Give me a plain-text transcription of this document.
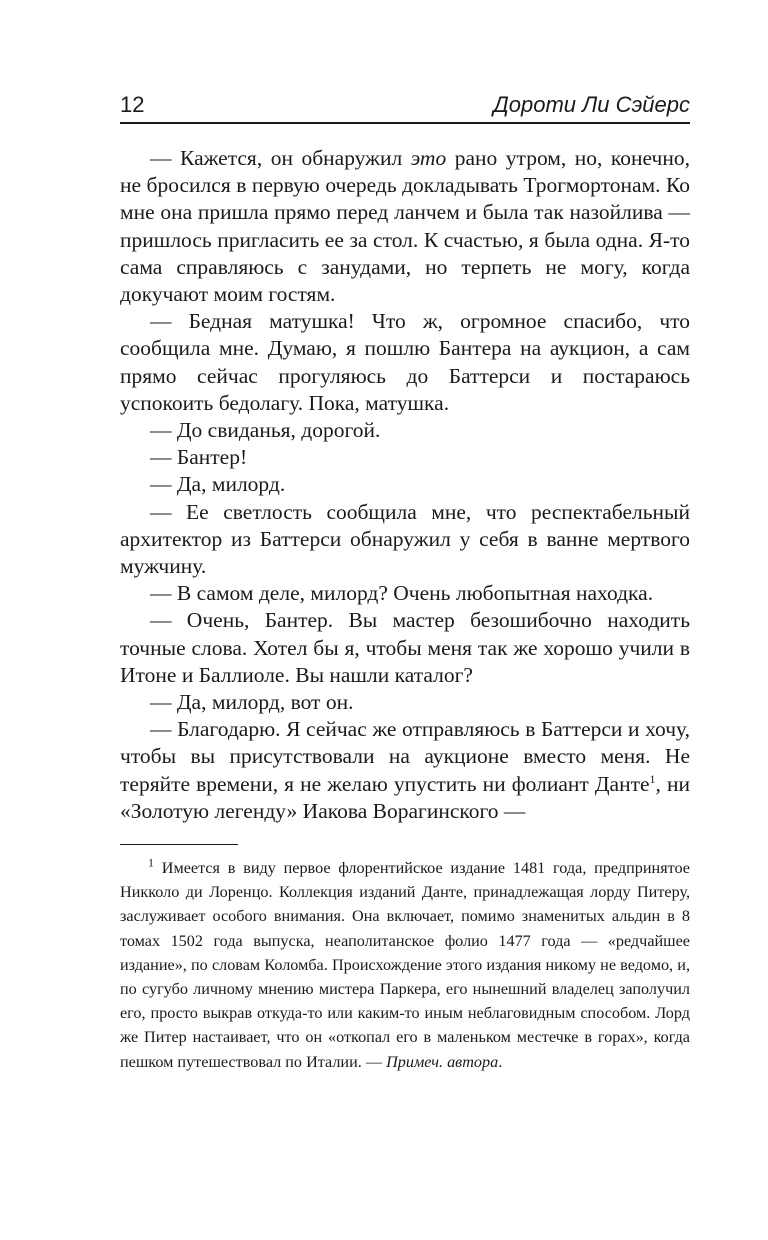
12	Дороти Ли Сэйерс

— Кажется, он обнаружил это рано утром, но, конечно, не бросился в первую очередь докладывать Трогмортонам. Ко мне она пришла прямо перед ланчем и была так назойлива — пришлось пригласить ее за стол. К счастью, я была одна. Я-то сама справляюсь с занудами, но терпеть не могу, когда докучают моим гостям.

— Бедная матушка! Что ж, огромное спасибо, что сообщила мне. Думаю, я пошлю Бантера на аукцион, а сам прямо сейчас прогуляюсь до Баттерси и постараюсь успокоить бедолагу. Пока, матушка.

— До свиданья, дорогой.

— Бантер!

— Да, милорд.

— Ее светлость сообщила мне, что респектабельный архитектор из Баттерси обнаружил у себя в ванне мертвого мужчину.

— В самом деле, милорд? Очень любопытная находка.

— Очень, Бантер. Вы мастер безошибочно находить точные слова. Хотел бы я, чтобы меня так же хорошо учили в Итоне и Баллиоле. Вы нашли каталог?

— Да, милорд, вот он.

— Благодарю. Я сейчас же отправляюсь в Баттерси и хочу, чтобы вы присутствовали на аукционе вместо меня. Не теряйте времени, я не желаю упустить ни фолиант Данте$^1$, ни «Золотую легенду» Иакова Ворагинского —

$^1$ Имеется в виду первое флорентийское издание 1481 года, предпринятое Никколо ди Лоренцо. Коллекция изданий Данте, принадлежащая лорду Питеру, заслуживает особого внимания. Она включает, помимо знаменитых альдин в 8 томах 1502 года выпуска, неаполитанское фолио 1477 года — «редчайшее издание», по словам Коломба. Происхождение этого издания никому не ведомо, и, по сугубо личному мнению мистера Паркера, его нынешний владелец заполучил его, просто выкрав откуда-то или каким-то иным неблаговидным способом. Лорд же Питер настаивает, что он «откопал его в маленьком местечке в горах», когда пешком путешествовал по Италии. — Примеч. автора.
